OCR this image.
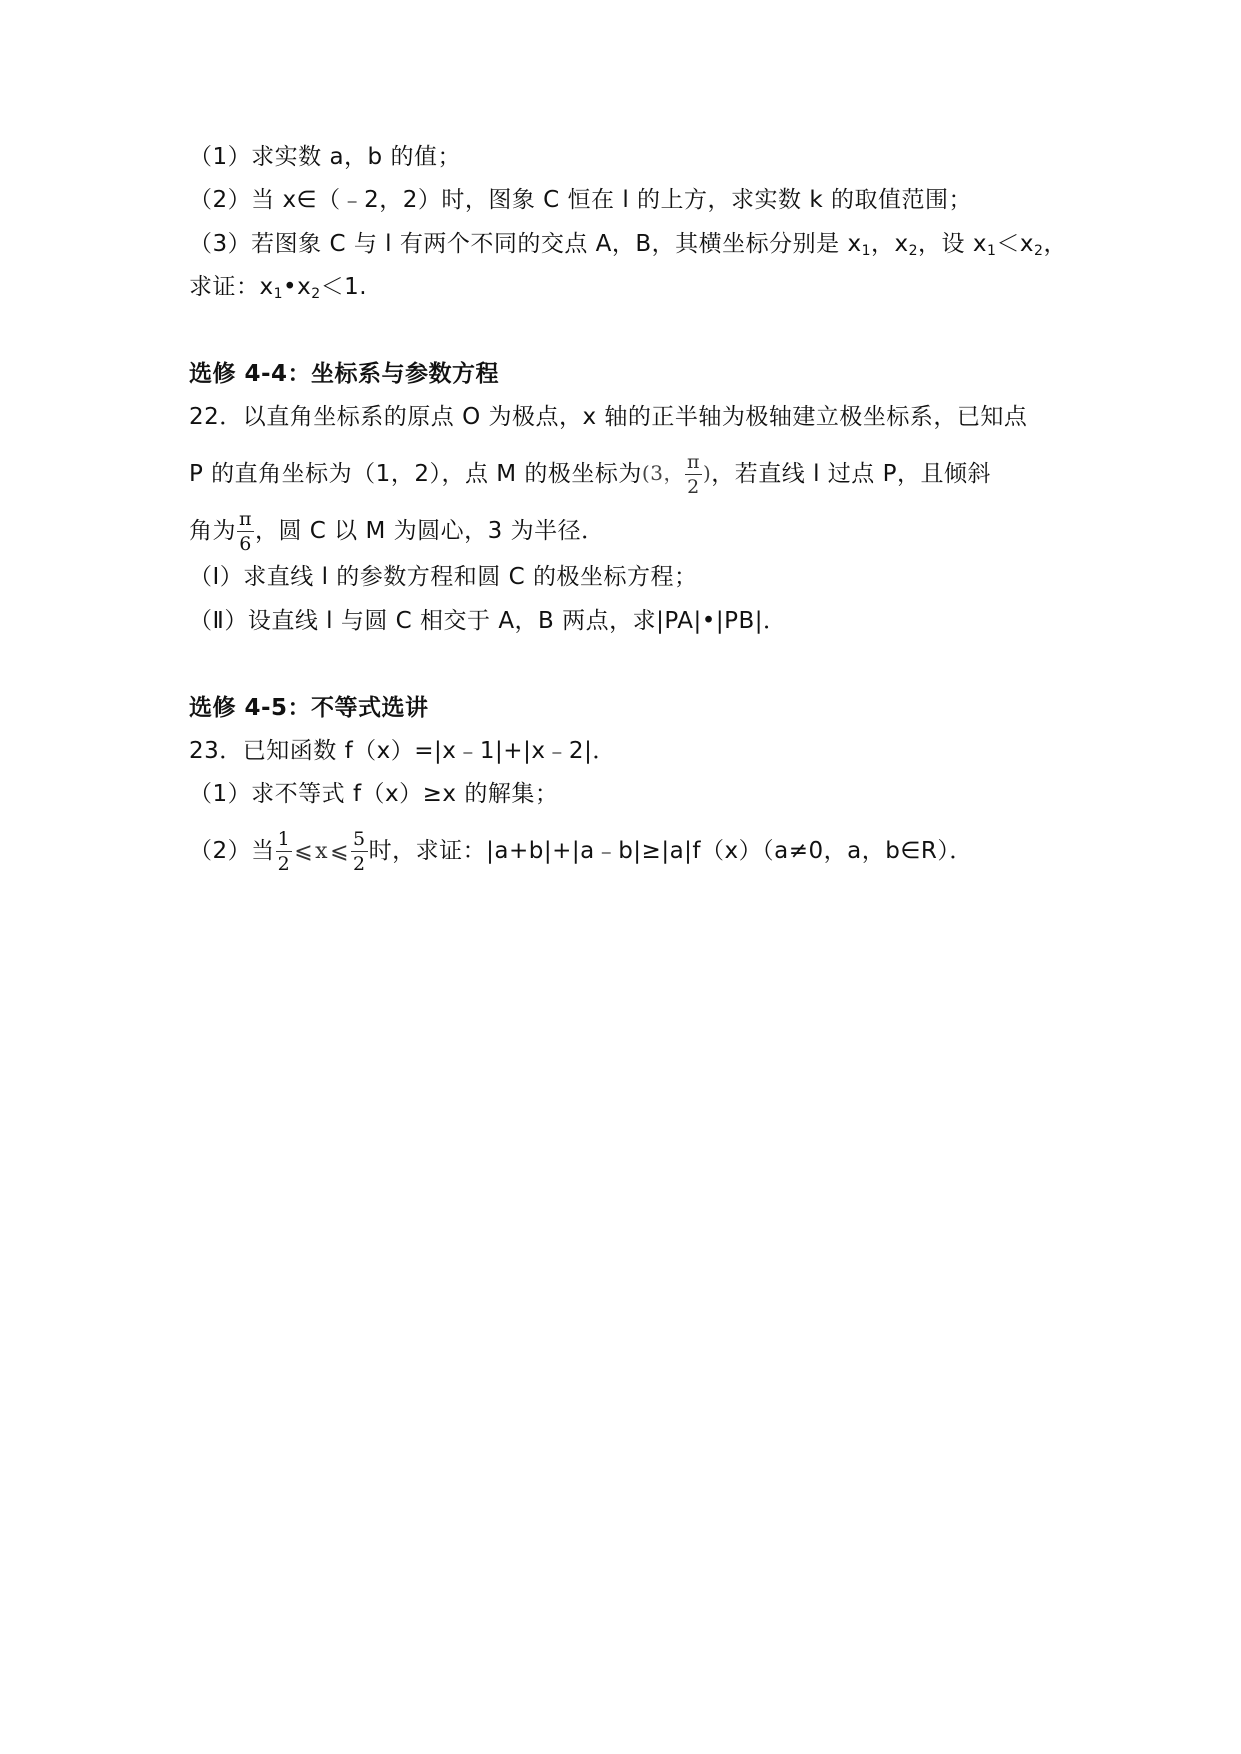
（1）求实数 a，b 的值；
（2）当 x∈（﹣2，2）时，图象 C 恒在 l 的上方，求实数 k 的取值范围；
（3）若图象 C 与 l 有两个不同的交点 A，B，其横坐标分别是 $x_1$，$x_2$，设 $x_1<x_2$，
求证：$x_1•x_2<1$.
选修 4-4：坐标系与参数方程
22．以直角坐标系的原点 O 为极点，x 轴的正半轴为极轴建立极坐标系，已知点
P 的直角坐标为（1，2），点 M 的极坐标为(3， $\frac{\pi}{2}$ )，若直线 l 过点 P，且倾斜
角为 $\frac{\pi}{6}$ ，圆 C 以 M 为圆心，3 为半径．
（Ⅰ）求直线 l 的参数方程和圆 C 的极坐标方程；
（Ⅱ）设直线 l 与圆 C 相交于 A，B 两点，求|PA|•|PB|．
选修 4-5：不等式选讲
23．已知函数 f（x）=|x﹣1|+|x﹣2|．
（1）求不等式 f（x）≥x 的解集；
（2）当 $\frac{1}{2}$ ⩽x⩽ $\frac{5}{2}$ 时，求证：|a+b|+|a﹣b|≥|a|f（x）（a≠0，a，b∈R）．
